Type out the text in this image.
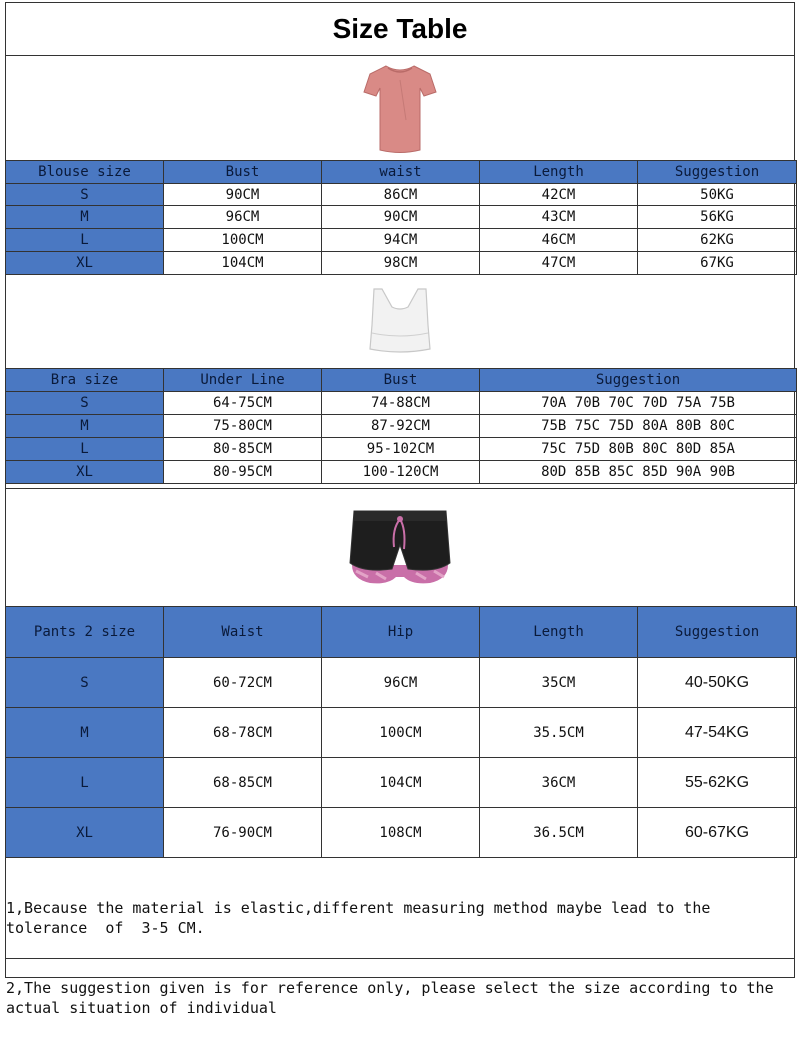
Size Table
Blouse size	Bust	waist	Length	Suggestion
S	90CM	86CM	42CM	50KG
M	96CM	90CM	43CM	56KG
L	100CM	94CM	46CM	62KG
XL	104CM	98CM	47CM	67KG
Bra size	Under Line	Bust	Suggestion
S	64-75CM	74-88CM	70A 70B 70C 70D 75A 75B
M	75-80CM	87-92CM	75B 75C 75D 80A 80B 80C
L	80-85CM	95-102CM	75C 75D 80B 80C 80D 85A
XL	80-95CM	100-120CM	80D 85B 85C 85D 90A 90B
Pants 2 size	Waist	Hip	Length	Suggestion
S	60-72CM	96CM	35CM	40-50KG
M	68-78CM	100CM	35.5CM	47-54KG
L	68-85CM	104CM	36CM	55-62KG
XL	76-90CM	108CM	36.5CM	60-67KG

1,Because the material is elastic,different measuring method maybe lead to the
tolerance  of  3-5 CM.

2,The suggestion given is for reference only, please select the size according to the
actual situation of individual
